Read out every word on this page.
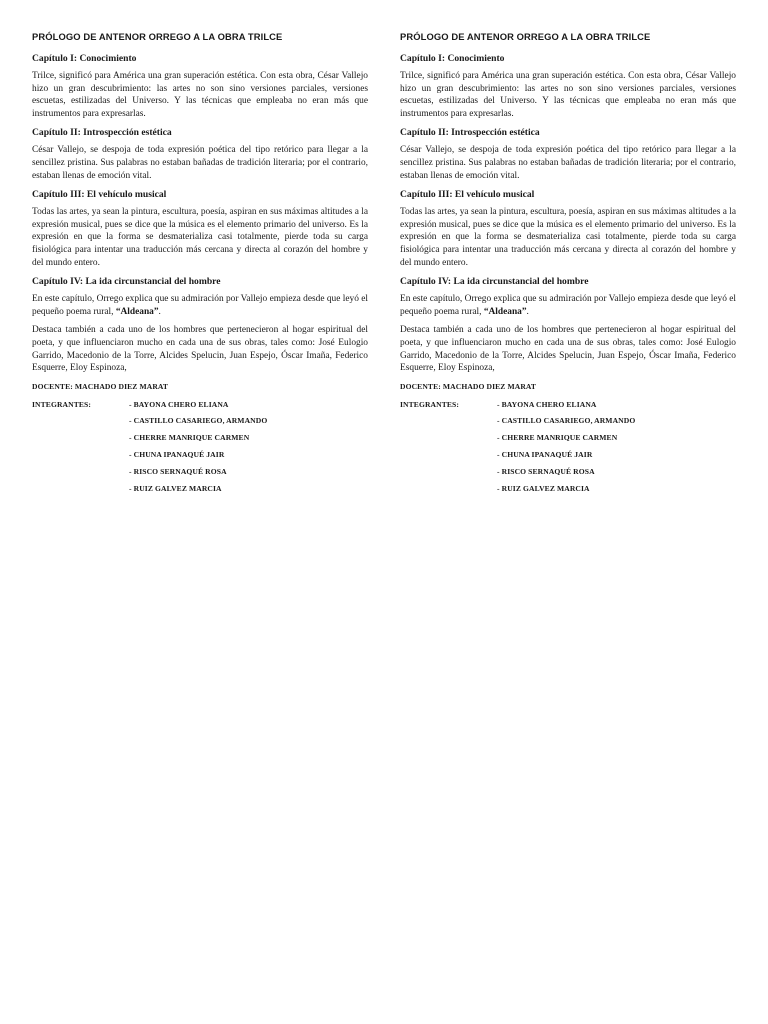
PRÓLOGO DE ANTENOR ORREGO A LA OBRA TRILCE
Capítulo I: Conocimiento

Trilce, significó para América una gran superación estética. Con esta obra, César Vallejo hizo un gran descubrimiento: las artes no son sino versiones parciales, versiones escuetas, estilizadas del Universo. Y las técnicas que empleaba no eran más que instrumentos para expresarlas.

Capítulo II: Introspección estética

César Vallejo, se despoja de toda expresión poética del tipo retórico para llegar a la sencillez pristina. Sus palabras no estaban bañadas de tradición literaria; por el contrario, estaban llenas de emoción vital.

Capítulo III: El vehículo musical

Todas las artes, ya sean la pintura, escultura, poesía, aspiran en sus máximas altitudes a la expresión musical, pues se dice que la música es el elemento primario del universo. Es la expresión en que la forma se desmaterializa casi totalmente, pierde toda su carga fisiológica para intentar una traducción más cercana y directa al corazón del hombre y del mundo entero.

Capítulo IV: La ida circunstancial del hombre

En este capítulo, Orrego explica que su admiración por Vallejo empieza desde que leyó el pequeño poema rural, “Aldeana”.

Destaca también a cada uno de los hombres que pertenecieron al hogar espiritual del poeta, y que influenciaron mucho en cada una de sus obras, tales como: José Eulogio Garrido, Macedonio de la Torre, Alcides Spelucin, Juan Espejo, Óscar Imaña, Federico Esquerre, Eloy Espinoza,

DOCENTE: MACHADO DIEZ MARAT
INTEGRANTES:	- BAYONA CHERO ELIANA
- CASTILLO CASARIEGO, ARMANDO
- CHERRE MANRIQUE CARMEN
- CHUNA IPANAQUÉ JAIR
- RISCO SERNAQUÉ ROSA
- RUIZ GALVEZ MARCIA
PRÓLOGO DE ANTENOR ORREGO A LA OBRA TRILCE
Capítulo I: Conocimiento

Trilce, significó para América una gran superación estética. Con esta obra, César Vallejo hizo un gran descubrimiento: las artes no son sino versiones parciales, versiones escuetas, estilizadas del Universo. Y las técnicas que empleaba no eran más que instrumentos para expresarlas.

Capítulo II: Introspección estética

César Vallejo, se despoja de toda expresión poética del tipo retórico para llegar a la sencillez pristina. Sus palabras no estaban bañadas de tradición literaria; por el contrario, estaban llenas de emoción vital.

Capítulo III: El vehículo musical

Todas las artes, ya sean la pintura, escultura, poesía, aspiran en sus máximas altitudes a la expresión musical, pues se dice que la música es el elemento primario del universo. Es la expresión en que la forma se desmaterializa casi totalmente, pierde toda su carga fisiológica para intentar una traducción más cercana y directa al corazón del hombre y del mundo entero.

Capítulo IV: La ida circunstancial del hombre

En este capítulo, Orrego explica que su admiración por Vallejo empieza desde que leyó el pequeño poema rural, “Aldeana”.

Destaca también a cada uno de los hombres que pertenecieron al hogar espiritual del poeta, y que influenciaron mucho en cada una de sus obras, tales como: José Eulogio Garrido, Macedonio de la Torre, Alcides Spelucin, Juan Espejo, Óscar Imaña, Federico Esquerre, Eloy Espinoza,

DOCENTE: MACHADO DIEZ MARAT
INTEGRANTES:	- BAYONA CHERO ELIANA
- CASTILLO CASARIEGO, ARMANDO
- CHERRE MANRIQUE CARMEN
- CHUNA IPANAQUÉ JAIR
- RISCO SERNAQUÉ ROSA
- RUIZ GALVEZ MARCIA
